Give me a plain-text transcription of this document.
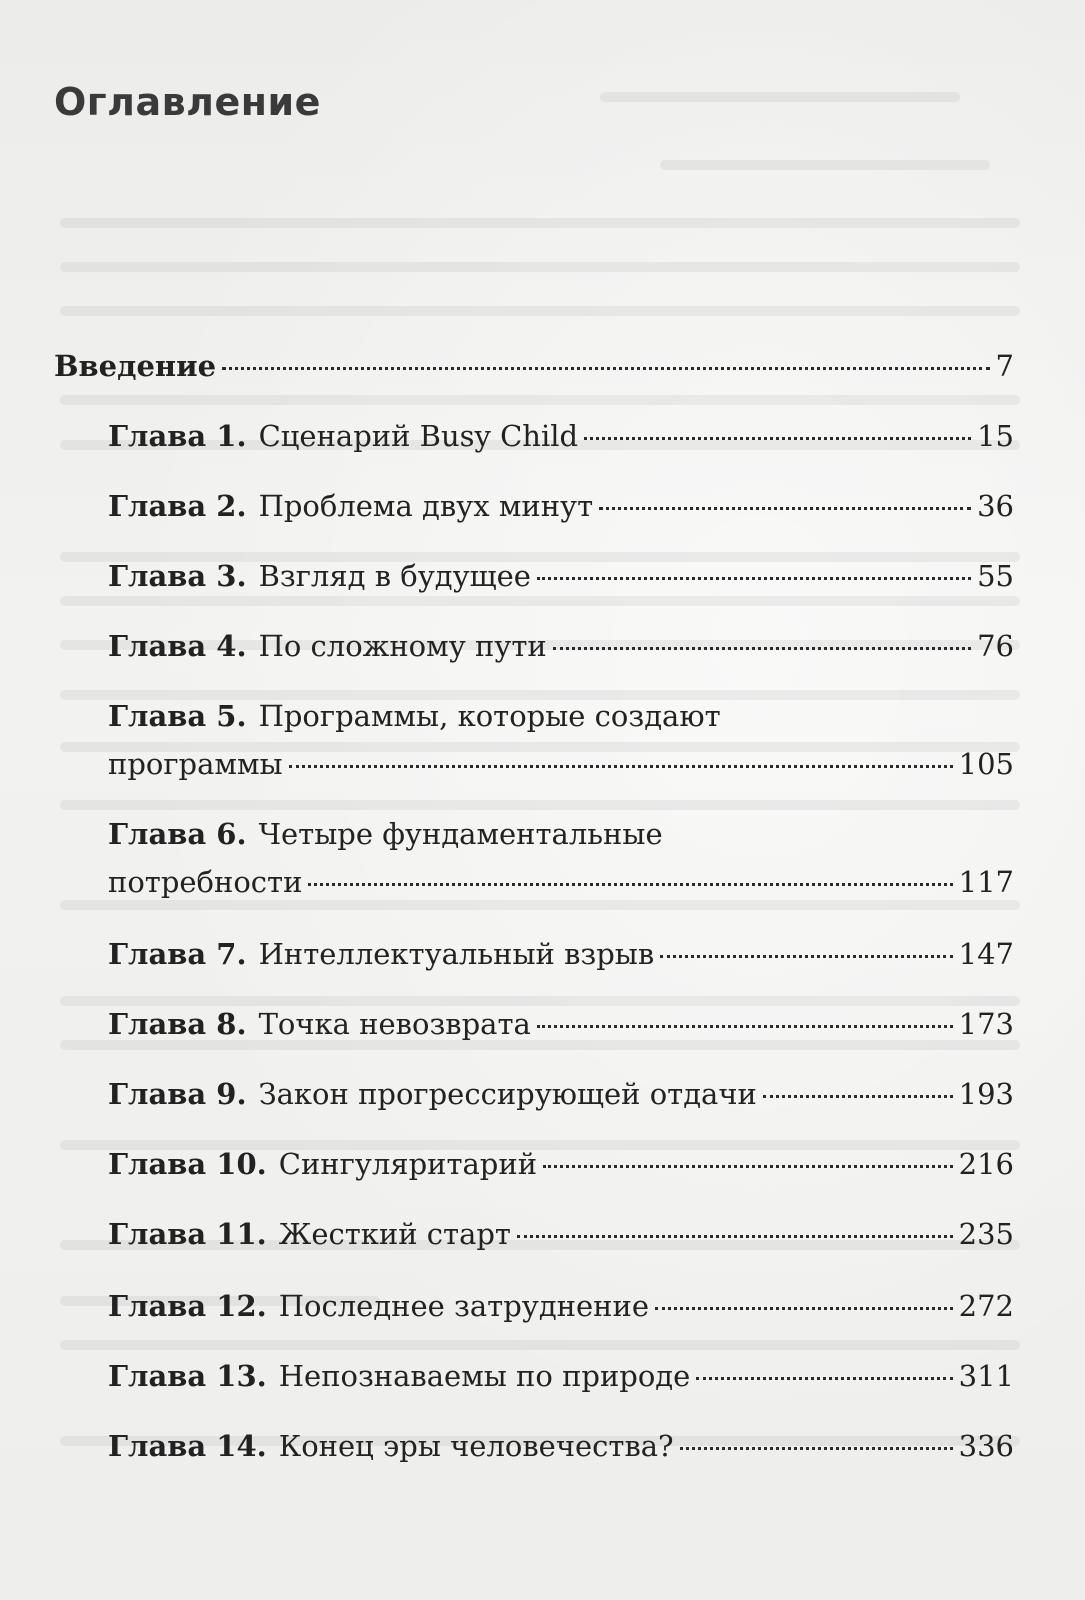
Оглавление
Введение	7
Глава 1. Сценарий Busy Child	15
Глава 2. Проблема двух минут	36
Глава 3. Взгляд в будущее	55
Глава 4. По сложному пути	76
Глава 5. Программы, которые создают
программы	105
Глава 6. Четыре фундаментальные
потребности	117
Глава 7. Интеллектуальный взрыв	147
Глава 8. Точка невозврата	173
Глава 9. Закон прогрессирующей отдачи	193
Глава 10. Сингуляритарий	216
Глава 11. Жесткий старт	235
Глава 12. Последнее затруднение	272
Глава 13. Непознаваемы по природе	311
Глава 14. Конец эры человечества?	336
